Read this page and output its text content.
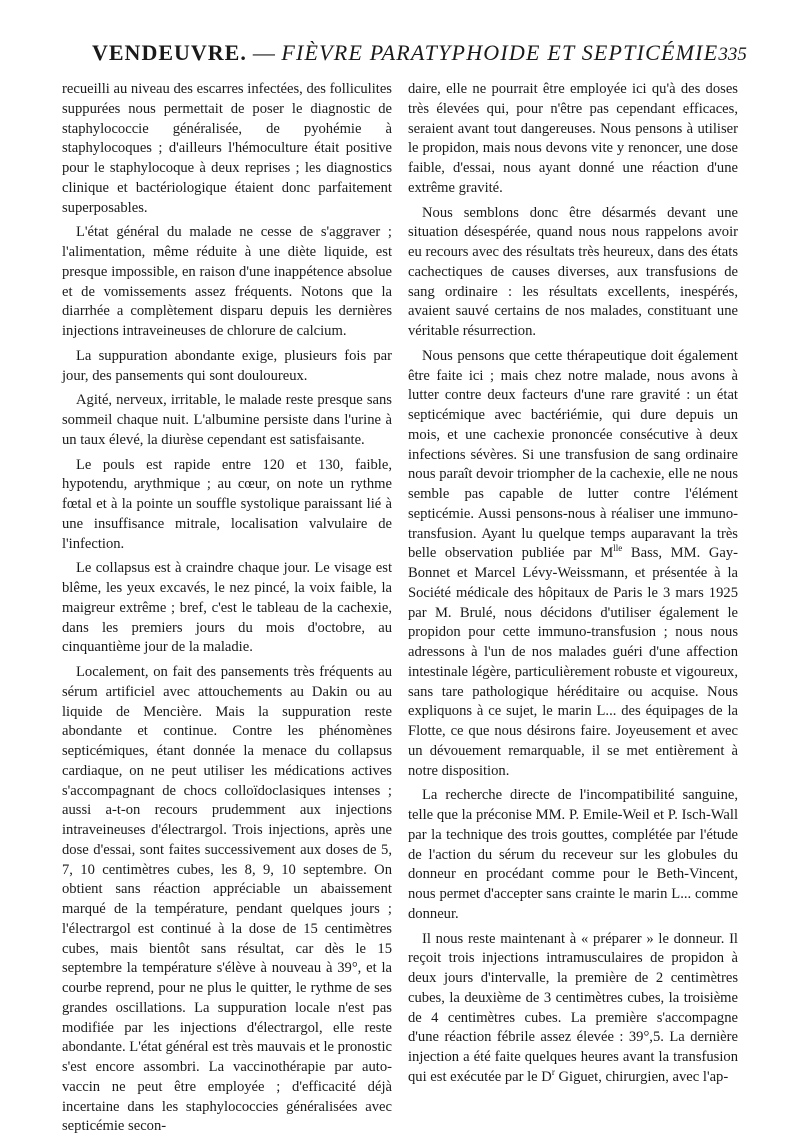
VENDEUVRE. — FIÈVRE PARATYPHOIDE ET SEPTICÉMIE 335

recueilli au niveau des escarres infectées, des folliculites suppurées nous permettait de poser le diagnostic de staphylococcie généralisée, de pyohémie à staphylocoques ; d'ailleurs l'hémoculture était positive pour le staphylocoque à deux reprises ; les diagnostics clinique et bactériologique étaient donc parfaitement superposables.

L'état général du malade ne cesse de s'aggraver ; l'alimentation, même réduite à une diète liquide, est presque impossible, en raison d'une inappétence absolue et de vomissements assez fréquents. Notons que la diarrhée a complètement disparu depuis les dernières injections intraveineuses de chlorure de calcium.

La suppuration abondante exige, plusieurs fois par jour, des pansements qui sont douloureux.

Agité, nerveux, irritable, le malade reste presque sans sommeil chaque nuit. L'albumine persiste dans l'urine à un taux élevé, la diurèse cependant est satisfaisante.

Le pouls est rapide entre 120 et 130, faible, hypotendu, arythmique ; au cœur, on note un rythme fœtal et à la pointe un souffle systolique paraissant lié à une insuffisance mitrale, localisation valvulaire de l'infection.

Le collapsus est à craindre chaque jour. Le visage est blême, les yeux excavés, le nez pincé, la voix faible, la maigreur extrême ; bref, c'est le tableau de la cachexie, dans les premiers jours du mois d'octobre, au cinquantième jour de la maladie.

Localement, on fait des pansements très fréquents au sérum artificiel avec attouchements au Dakin ou au liquide de Mencière. Mais la suppuration reste abondante et continue. Contre les phénomènes septicémiques, étant donnée la menace du collapsus cardiaque, on ne peut utiliser les médications actives s'accompagnant de chocs colloïdoclasiques intenses ; aussi a-t-on recours prudemment aux injections intraveineuses d'électrargol. Trois injections, après une dose d'essai, sont faites successivement aux doses de 5, 7, 10 centimètres cubes, les 8, 9, 10 septembre. On obtient sans réaction appréciable un abaissement marqué de la température, pendant quelques jours ; l'électrargol est continué à la dose de 15 centimètres cubes, mais bientôt sans résultat, car dès le 15 septembre la température s'élève à nouveau à 39°, et la courbe reprend, pour ne plus le quitter, le rythme de ses grandes oscillations. La suppuration locale n'est pas modifiée par les injections d'électrargol, elle reste abondante. L'état général est très mauvais et le pronostic s'est encore assombri. La vaccinothérapie par auto-vaccin ne peut être employée ; d'efficacité déjà incertaine dans les staphylococcies généralisées avec septicémie secon-

daire, elle ne pourrait être employée ici qu'à des doses très élevées qui, pour n'être pas cependant efficaces, seraient avant tout dangereuses. Nous pensons à utiliser le propidon, mais nous devons vite y renoncer, une dose faible, d'essai, nous ayant donné une réaction d'une extrême gravité.

Nous semblons donc être désarmés devant une situation désespérée, quand nous nous rappelons avoir eu recours avec des résultats très heureux, dans des états cachectiques de causes diverses, aux transfusions de sang ordinaire : les résultats excellents, inespérés, avaient sauvé certains de nos malades, constituant une véritable résurrection.

Nous pensons que cette thérapeutique doit également être faite ici ; mais chez notre malade, nous avons à lutter contre deux facteurs d'une rare gravité : un état septicémique avec bactériémie, qui dure depuis un mois, et une cachexie prononcée consécutive à deux infections sévères. Si une transfusion de sang ordinaire nous paraît devoir triompher de la cachexie, elle ne nous semble pas capable de lutter contre l'élément septicémie. Aussi pensons-nous à réaliser une immuno-transfusion. Ayant lu quelque temps auparavant la très belle observation publiée par $M^{lle}$ Bass, MM. Gay-Bonnet et Marcel Lévy-Weissmann, et présentée à la Société médicale des hôpitaux de Paris le 3 mars 1925 par M. Brulé, nous décidons d'utiliser également le propidon pour cette immuno-transfusion ; nous nous adressons à l'un de nos malades guéri d'une affection intestinale légère, particulièrement robuste et vigoureux, sans tare pathologique héréditaire ou acquise. Nous expliquons à ce sujet, le marin L... des équipages de la Flotte, ce que nous désirons faire. Joyeusement et avec un dévouement remarquable, il se met entièrement à notre disposition.

La recherche directe de l'incompatibilité sanguine, telle que la préconise MM. P. Emile-Weil et P. Isch-Wall par la technique des trois gouttes, complétée par l'étude de l'action du sérum du receveur sur les globules du donneur en procédant comme pour le Beth-Vincent, nous permet d'accepter sans crainte le marin L... comme donneur.

Il nous reste maintenant à « préparer » le donneur. Il reçoit trois injections intramusculaires de propidon à deux jours d'intervalle, la première de 2 centimètres cubes, la deuxième de 3 centimètres cubes, la troisième de 4 centimètres cubes. La première s'accompagne d'une réaction fébrile assez élevée : 39°,5. La dernière injection a été faite quelques heures avant la transfusion qui est exécutée par le $D^r$ Giguet, chirurgien, avec l'ap-
